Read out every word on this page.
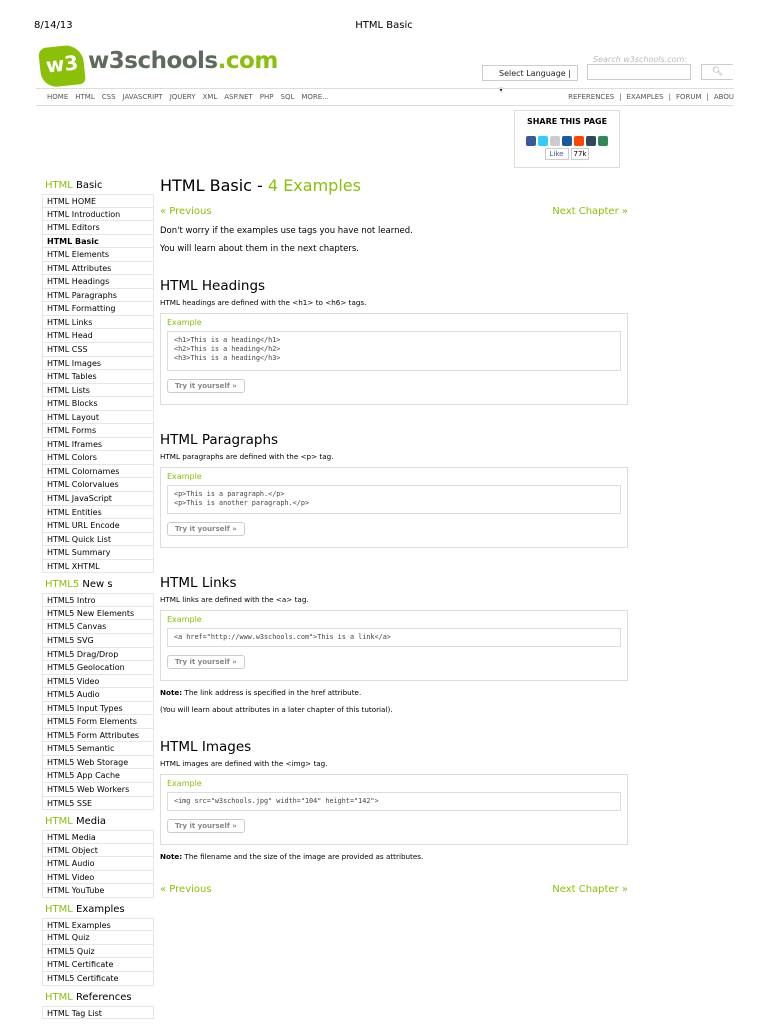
8/14/13	HTML Basic
w3 w3schools.com	Search w3schools.com:
Select Language | ▾
🔍︎
HOME HTML CSS JAVASCRIPT JQUERY XML ASP.NET PHP SQL MORE...	REFERENCES | EXAMPLES | FORUM | ABOU
SHARE THIS PAGE
Like 77k
HTML Basic
HTML HOME
HTML Introduction
HTML Editors
HTML Basic
HTML Elements
HTML Attributes
HTML Headings
HTML Paragraphs
HTML Formatting
HTML Links
HTML Head
HTML CSS
HTML Images
HTML Tables
HTML Lists
HTML Blocks
HTML Layout
HTML Forms
HTML Iframes
HTML Colors
HTML Colornames
HTML Colorvalues
HTML JavaScript
HTML Entities
HTML URL Encode
HTML Quick List
HTML Summary
HTML XHTML
HTML5 New s
HTML5 Intro
HTML5 New Elements
HTML5 Canvas
HTML5 SVG
HTML5 Drag/Drop
HTML5 Geolocation
HTML5 Video
HTML5 Audio
HTML5 Input Types
HTML5 Form Elements
HTML5 Form Attributes
HTML5 Semantic
HTML5 Web Storage
HTML5 App Cache
HTML5 Web Workers
HTML5 SSE
HTML Media
HTML Media
HTML Object
HTML Audio
HTML Video
HTML YouTube
HTML Examples
HTML Examples
HTML Quiz
HTML5 Quiz
HTML Certificate
HTML5 Certificate
HTML References
HTML Tag List
HTML Basic - 4 Examples
« Previous	Next Chapter »

Don't worry if the examples use tags you have not learned.

You will learn about them in the next chapters.

HTML Headings

HTML headings are defined with the <h1> to <h6> tags.

Example
<h1>This is a heading</h1>
<h2>This is a heading</h2>
<h3>This is a heading</h3>
Try it yourself »
HTML Paragraphs

HTML paragraphs are defined with the <p> tag.

Example
<p>This is a paragraph.</p>
<p>This is another paragraph.</p>
Try it yourself »
HTML Links

HTML links are defined with the <a> tag.

Example
<a href="http://www.w3schools.com">This is a link</a>
Try it yourself »

Note: The link address is specified in the href attribute.

(You will learn about attributes in a later chapter of this tutorial).

HTML Images

HTML images are defined with the <img> tag.

Example
<img src="w3schools.jpg" width="104" height="142">
Try it yourself »

Note: The filename and the size of the image are provided as attributes.

« Previous	Next Chapter »
